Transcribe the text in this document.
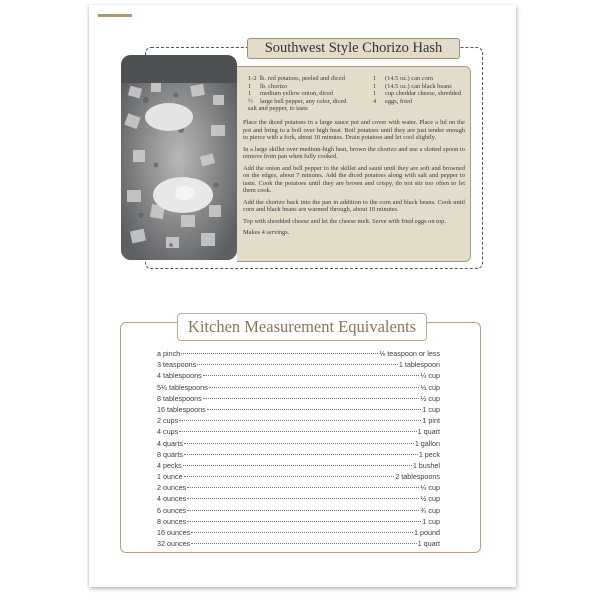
Southwest Style Chorizo Hash
1-2 lb. red potatoes, peeled and diced
1 lb. chorizo
1 medium yellow onion, diced
½ large bell pepper, any color, diced
salt and pepper, to taste
1 (14.5 oz.) can corn
1 (14.5 oz.) can black beans
1 cup cheddar cheese, shredded
4 eggs, fried

Place the diced potatoes in a large sauce pot and cover with water. Place a lid on the pot and bring to a boil over high heat. Boil potatoes until they are just tender enough to pierce with a fork, about 10 minutes. Drain potatoes and let cool slightly.

In a large skillet over medium-high heat, brown the chorizo and use a slotted spoon to remove from pan when fully cooked.

Add the onion and bell pepper to the skillet and sauté until they are soft and browned on the edges, about 7 minutes. Add the diced potatoes along with salt and pepper to taste. Cook the potatoes until they are brown and crispy, do not stir too often to let them cook.

Add the chorizo back into the pan in addition to the corn and black beans. Cook until corn and black beans are warmed through, about 10 minutes.

Top with shredded cheese and let the cheese melt. Serve with fried eggs on top.

Makes 4 servings.

Kitchen Measurement Equivalents
a pinch	⅛ teaspoon or less
3 teaspoons	1 tablespoon
4 tablespoons	¼ cup
5⅓ tablespoons	⅓ cup
8 tablespoons	½ cup
16 tablespoons	1 cup
2 cups	1 pint
4 cups	1 quart
4 quarts	1 gallon
8 quarts	1 peck
4 pecks	1 bushel
1 ounce	2 tablespoons
2 ounces	¼ cup
4 ounces	½ cup
6 ounces	¾ cup
8 ounces	1 cup
16 ounces	1 pound
32 ounces	1 quart
